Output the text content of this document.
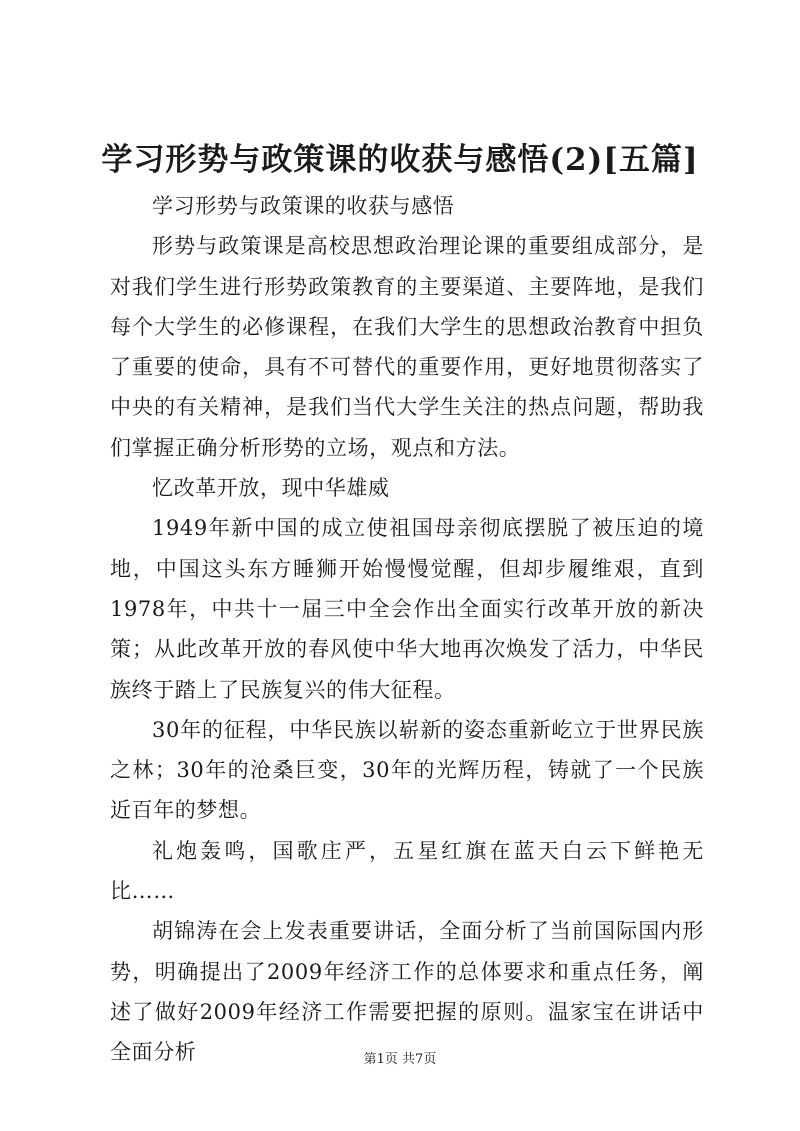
学习形势与政策课的收获与感悟(2)[五篇]

学习形势与政策课的收获与感悟

形势与政策课是高校思想政治理论课的重要组成部分，是对我们学生进行形势政策教育的主要渠道、主要阵地，是我们每个大学生的必修课程，在我们大学生的思想政治教育中担负了重要的使命，具有不可替代的重要作用，更好地贯彻落实了中央的有关精神，是我们当代大学生关注的热点问题，帮助我们掌握正确分析形势的立场，观点和方法。

忆改革开放，现中华雄威

1949年新中国的成立使祖国母亲彻底摆脱了被压迫的境地，中国这头东方睡狮开始慢慢觉醒，但却步履维艰，直到1978年，中共十一届三中全会作出全面实行改革开放的新决策；从此改革开放的春风使中华大地再次焕发了活力，中华民族终于踏上了民族复兴的伟大征程。

30年的征程，中华民族以崭新的姿态重新屹立于世界民族之林；30年的沧桑巨变，30年的光辉历程，铸就了一个民族近百年的梦想。

礼炮轰鸣，国歌庄严，五星红旗在蓝天白云下鲜艳无比……

胡锦涛在会上发表重要讲话，全面分析了当前国际国内形势，明确提出了2009年经济工作的总体要求和重点任务，阐述了做好2009年经济工作需要把握的原则。温家宝在讲话中全面分析	第1页 共7页
